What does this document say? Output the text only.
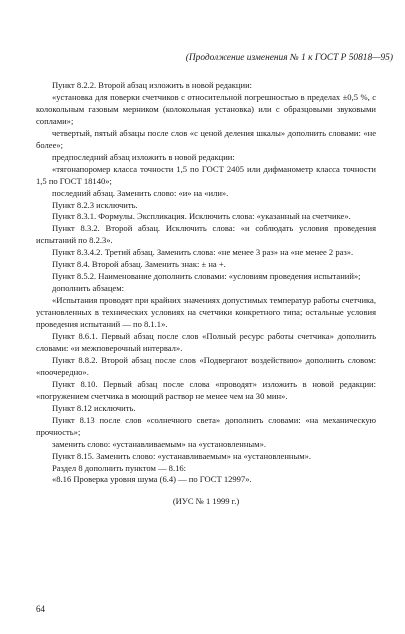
(Продолжение изменения № 1 к ГОСТ Р 50818—95)

Пункт 8.2.2. Второй абзац изложить в новой редакции:

«установка для поверки счетчиков с относительной погрешностью в пределах ±0,5 %, с колокольным газовым мерником (колокольная установка) или с образцовыми звуковыми соплами»;

четвертый, пятый абзацы после слов «с ценой деления шкалы» дополнить словами: «не более»;

предпоследний абзац изложить в новой редакции:

«тягонапоромер класса точности 1,5 по ГОСТ 2405 или дифманометр класса точности 1,5 по ГОСТ 18140»;

последний абзац. Заменить слово: «и» на «или».

Пункт 8.2.3 исключить.

Пункт 8.3.1. Формулы. Экспликация. Исключить слова: «указанный на счетчике».

Пункт 8.3.2. Второй абзац. Исключить слова: «и соблюдать условия проведения испытаний по 8.2.3».

Пункт 8.3.4.2. Третий абзац. Заменить слова: «не менее 3 раз» на «не менее 2 раз».

Пункт 8.4. Второй абзац. Заменить знак: ± на +.

Пункт 8.5.2. Наименование дополнить словами: «условиям проведения испытаний»;

дополнить абзацем:

«Испытания проводят при крайних значениях допустимых температур работы счетчика, установленных в технических условиях на счетчики конкретного типа; остальные условия проведения испытаний — по 8.1.1».

Пункт 8.6.1. Первый абзац после слов «Полный ресурс работы счетчика» дополнить словами: «и межповерочный интервал».

Пункт 8.8.2. Второй абзац после слов «Подвергают воздействию» дополнить словом: «поочередно».

Пункт 8.10. Первый абзац после слова «проводят» изложить в новой редакции: «погружением счетчика в моющий раствор не менее чем на 30 мин».

Пункт 8.12 исключить.

Пункт 8.13 после слов «солнечного света» дополнить словами: «на механическую прочность»;

заменить слово: «устанавливаемым» на «установленным».

Пункт 8.15. Заменить слово: «устанавливаемым» на «установленным».

Раздел 8 дополнить пунктом — 8.16:

«8.16 Проверка уровня шума (6.4) — по ГОСТ 12997».

(ИУС № 1 1999 г.)

64
